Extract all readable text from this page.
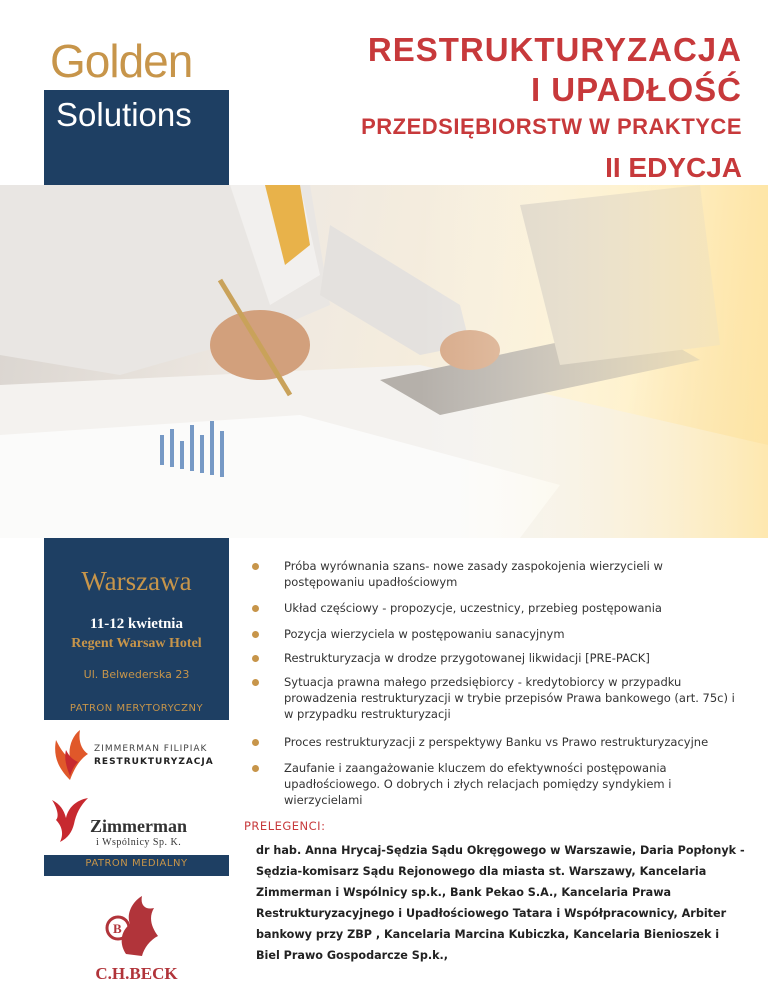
Golden
Solutions
RESTRUKTURYZACJA
I UPADŁOŚĆ
PRZEDSIĘBIORSTW W PRAKTYCE
II EDYCJA
Warszawa
11-12 kwietnia
Regent Warsaw Hotel
Ul. Belwederska 23
PATRON MERYTORYCZNY
ZIMMERMAN FILIPIAK
RESTRUKTURYZACJA
Zimmerman
i Wspólnicy Sp. K.
PATRON MEDIALNY
B
C.H.BECK
Próba wyrównania szans- nowe zasady zaspokojenia wierzycieli w postępowaniu upadłościowym
Układ częściowy - propozycje, uczestnicy, przebieg postępowania
Pozycja wierzyciela w postępowaniu sanacyjnym
Restrukturyzacja w drodze przygotowanej likwidacji [PRE-PACK]
Sytuacja prawna małego przedsiębiorcy - kredytobiorcy w przypadku prowadzenia restrukturyzacji w trybie przepisów Prawa bankowego (art. 75c) i w przypadku restrukturyzacji
Proces restrukturyzacji z perspektywy Banku vs Prawo restrukturyzacyjne
Zaufanie i zaangażowanie kluczem do efektywności postępowania upadłościowego. O dobrych i złych relacjach pomiędzy syndykiem i wierzycielami
PRELEGENCI:
dr hab. Anna Hrycaj-Sędzia Sądu Okręgowego w Warszawie, Daria Popłonyk -Sędzia-komisarz Sądu Rejonowego dla miasta st. Warszawy, Kancelaria Zimmerman i Wspólnicy sp.k., Bank Pekao S.A., Kancelaria Prawa Restrukturyzacyjnego i Upadłościowego Tatara i Współpracownicy, Arbiter bankowy przy ZBP , Kancelaria Marcina Kubiczka, Kancelaria Bienioszek i Biel Prawo Gospodarcze Sp.k.,
